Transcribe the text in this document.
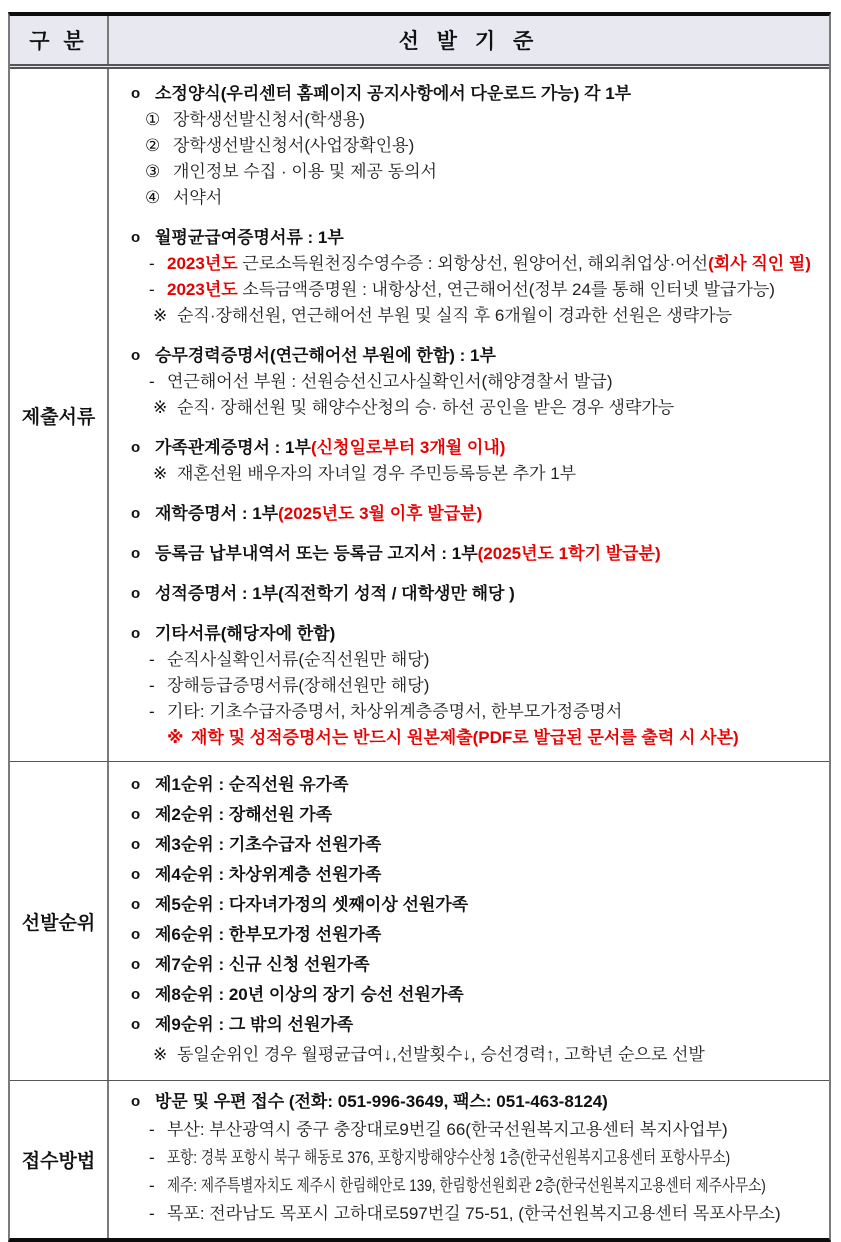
구 분	선 발 기 준
제출서류
o 소정양식(우리센터 홈페이지 공지사항에서 다운로드 가능) 각 1부
① 장학생선발신청서(학생용)
② 장학생선발신청서(사업장확인용)
③ 개인정보 수집 · 이용 및 제공 동의서
④ 서약서
o 월평균급여증명서류 : 1부
- 2023년도 근로소득원천징수영수증 : 외항상선, 원양어선, 해외취업상·어선(회사 직인 필)
- 2023년도 소득금액증명원 : 내항상선, 연근해어선(정부 24를 통해 인터넷 발급가능)
※ 순직·장해선원, 연근해어선 부원 및 실직 후 6개월이 경과한 선원은 생략가능
o 승무경력증명서(연근해어선 부원에 한함) : 1부
- 연근해어선 부원 : 선원승선신고사실확인서(해양경찰서 발급)
※ 순직· 장해선원 및 해양수산청의 승· 하선 공인을 받은 경우 생략가능
o 가족관계증명서 : 1부(신청일로부터 3개월 이내)
※ 재혼선원 배우자의 자녀일 경우 주민등록등본 추가 1부
o 재학증명서 : 1부(2025년도 3월 이후 발급분)
o 등록금 납부내역서 또는 등록금 고지서 : 1부(2025년도 1학기 발급분)
o 성적증명서 : 1부(직전학기 성적 / 대학생만 해당 )
o 기타서류(해당자에 한함)
- 순직사실확인서류(순직선원만 해당)
- 장해등급증명서류(장해선원만 해당)
- 기타: 기초수급자증명서, 차상위계층증명서, 한부모가정증명서
※ 재학 및 성적증명서는 반드시 원본제출(PDF로 발급된 문서를 출력 시 사본)
선발순위
o 제1순위 : 순직선원 유가족
o 제2순위 : 장해선원 가족
o 제3순위 : 기초수급자 선원가족
o 제4순위 : 차상위계층 선원가족
o 제5순위 : 다자녀가정의 셋째이상 선원가족
o 제6순위 : 한부모가정 선원가족
o 제7순위 : 신규 신청 선원가족
o 제8순위 : 20년 이상의 장기 승선 선원가족
o 제9순위 : 그 밖의 선원가족
※ 동일순위인 경우 월평균급여↓,선발횟수↓, 승선경력↑, 고학년 순으로 선발
접수방법
o 방문 및 우편 접수 (전화: 051-996-3649, 팩스: 051-463-8124)
- 부산: 부산광역시 중구 충장대로9번길 66(한국선원복지고용센터 복지사업부)
- 포항: 경북 포항시 북구 해동로 376, 포항지방해양수산청 1층(한국선원복지고용센터 포항사무소)
- 제주: 제주특별자치도 제주시 한림해안로 139, 한림항선원회관 2층(한국선원복지고용센터 제주사무소)
- 목포: 전라남도 목포시 고하대로597번길 75-51, (한국선원복지고용센터 목포사무소)
